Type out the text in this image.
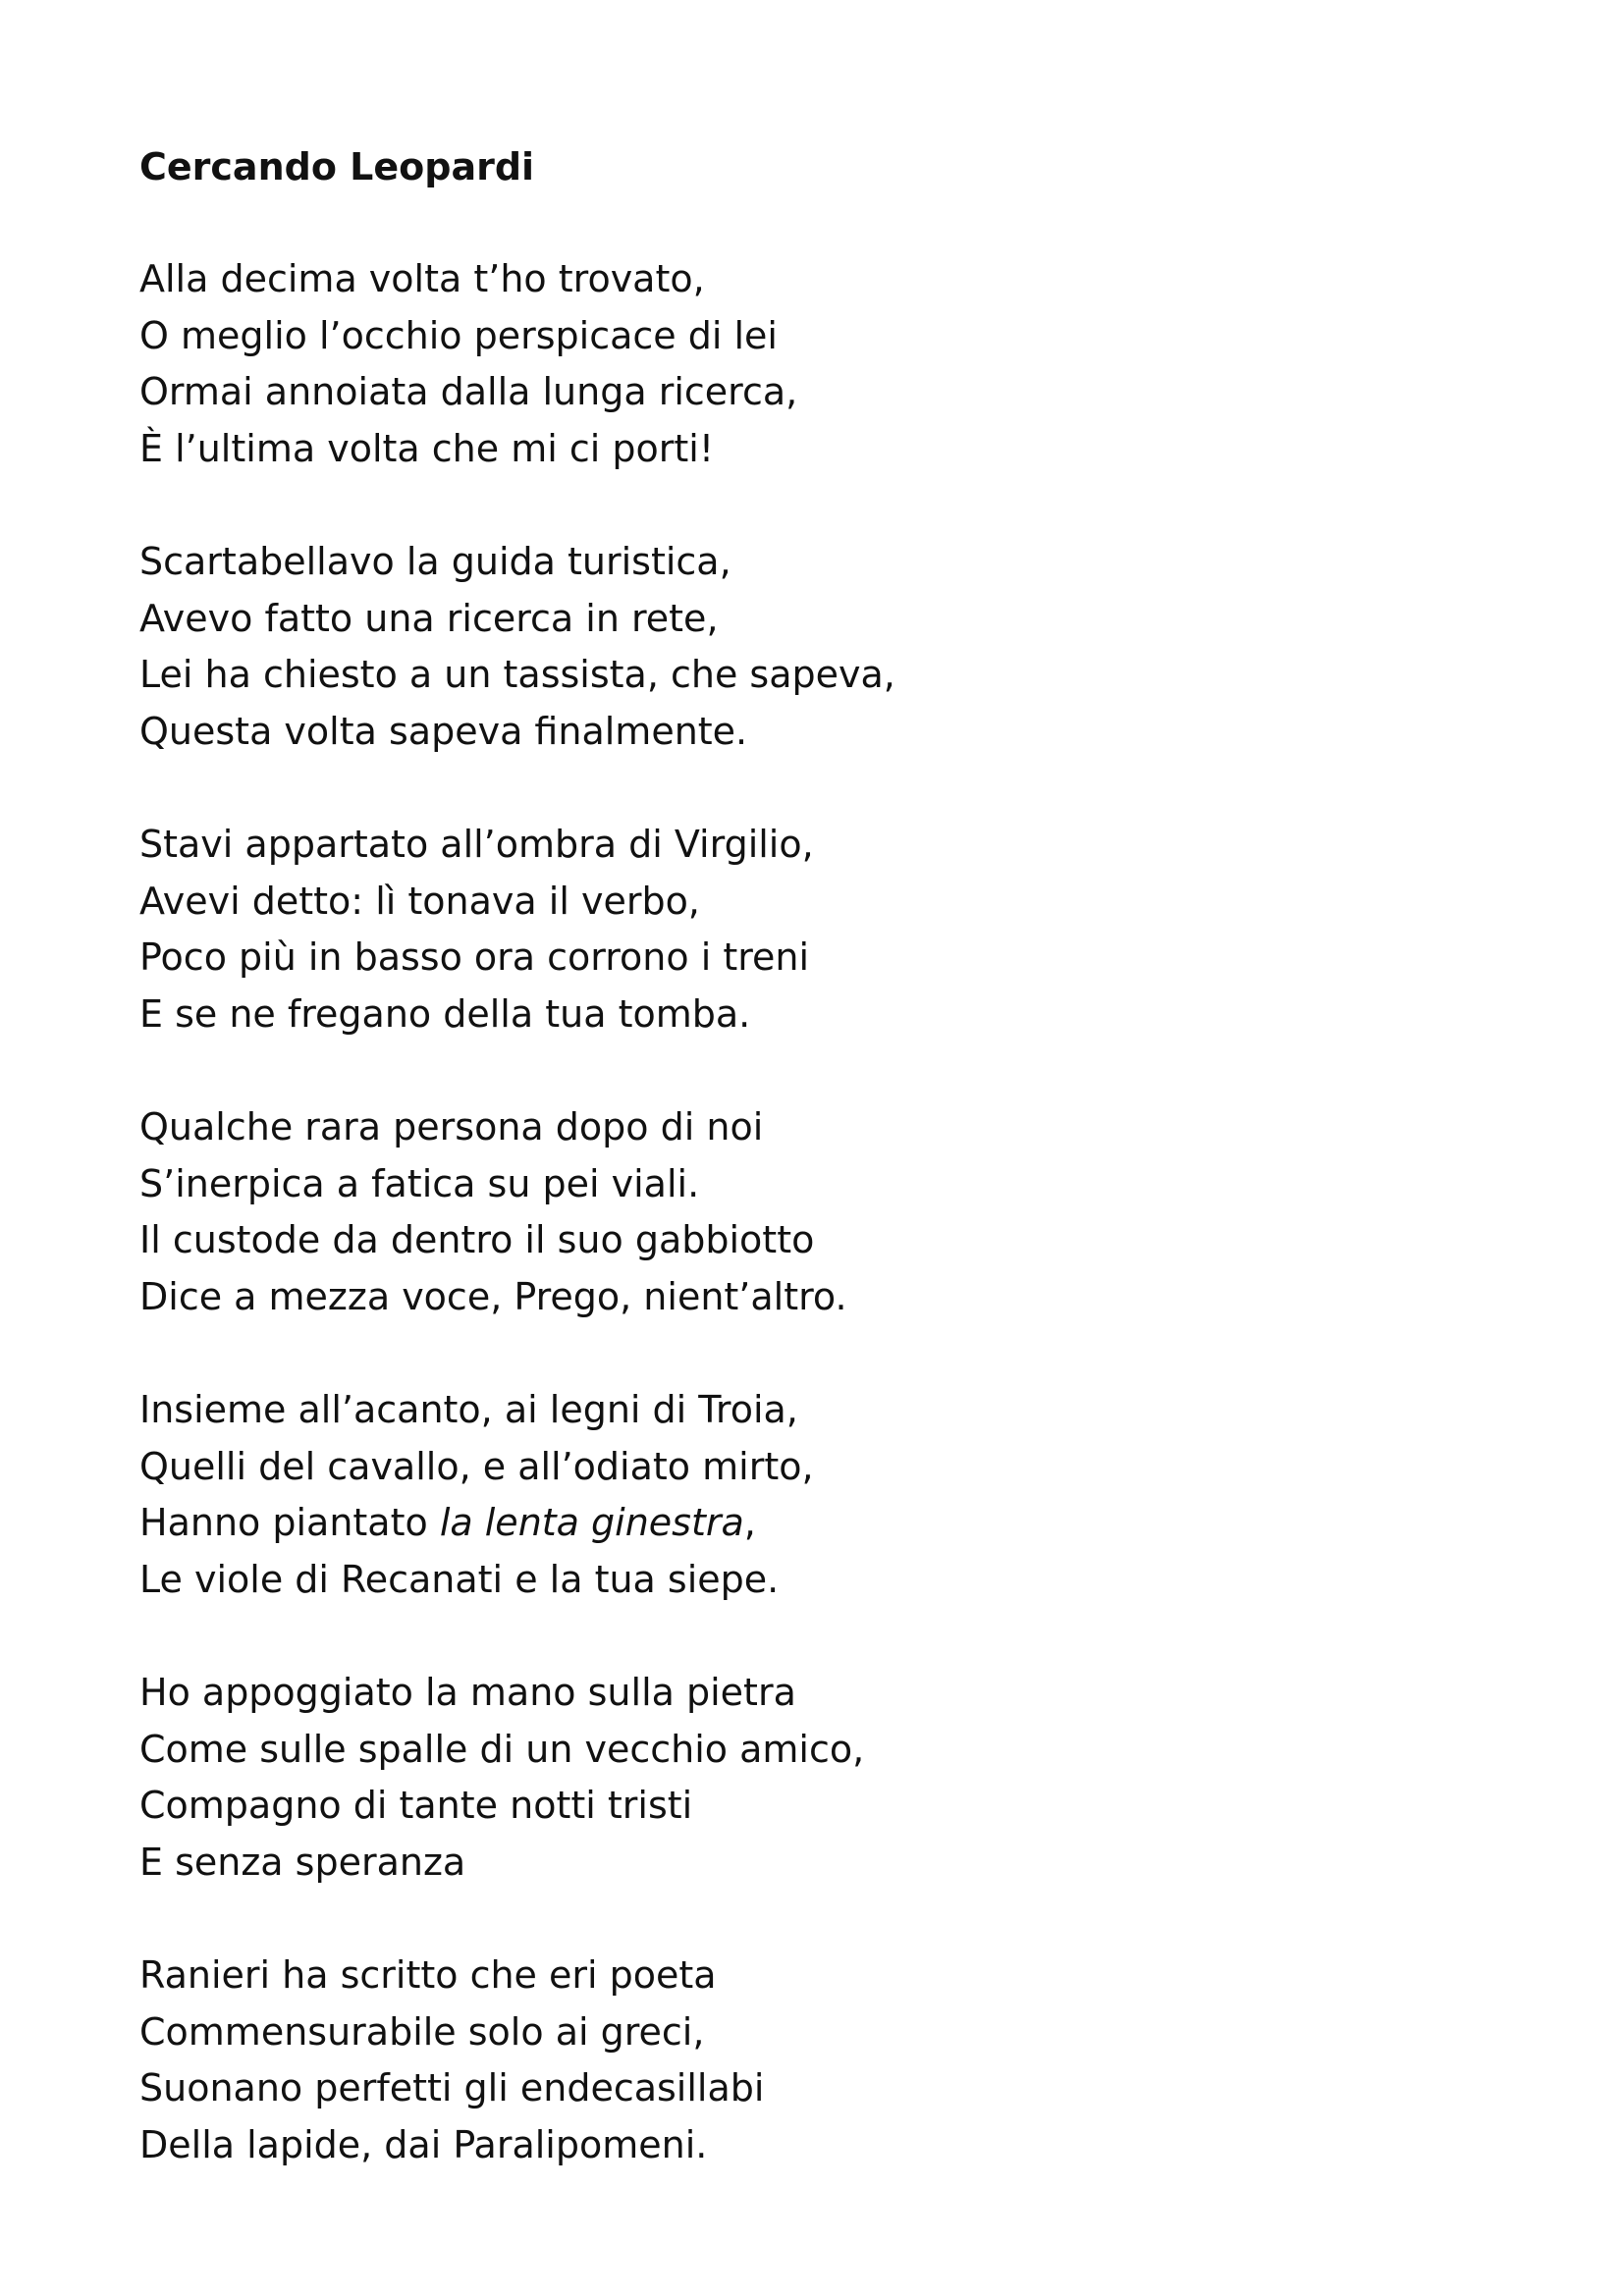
Cercando Leopardi
Alla decima volta t’ho trovato,
O meglio l’occhio perspicace di lei
Ormai annoiata dalla lunga ricerca,
È l’ultima volta che mi ci porti!
Scartabellavo la guida turistica,
Avevo fatto una ricerca in rete,
Lei ha chiesto a un tassista, che sapeva,
Questa volta sapeva finalmente.
Stavi appartato all’ombra di Virgilio,
Avevi detto: lì tonava il verbo,
Poco più in basso ora corrono i treni
E se ne fregano della tua tomba.
Qualche rara persona dopo di noi
S’inerpica a fatica su pei viali.
Il custode da dentro il suo gabbiotto
Dice a mezza voce, Prego, nient’altro.
Insieme all’acanto, ai legni di Troia,
Quelli del cavallo, e all’odiato mirto,
Hanno piantato la lenta ginestra,
Le viole di Recanati e la tua siepe.
Ho appoggiato la mano sulla pietra
Come sulle spalle di un vecchio amico,
Compagno di tante notti tristi
E senza speranza
Ranieri ha scritto che eri poeta
Commensurabile solo ai greci,
Suonano perfetti gli endecasillabi
Della lapide, dai Paralipomeni.
